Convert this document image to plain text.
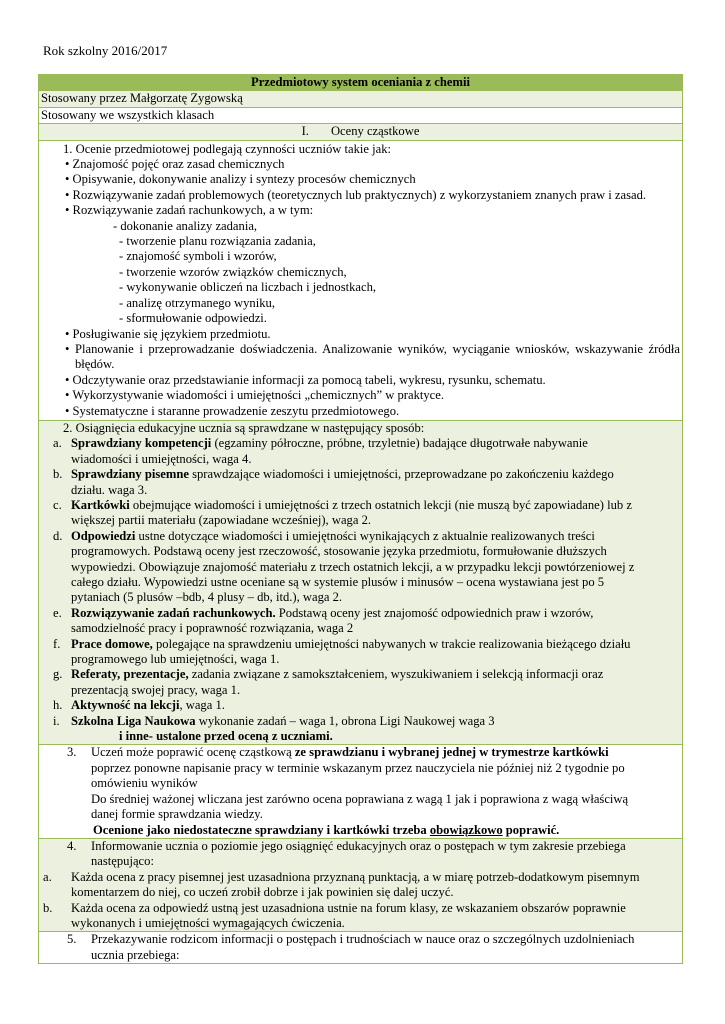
Rok szkolny 2016/2017
Przedmiotowy system oceniania z chemii
Stosowany przez Małgorzatę Zygowską
Stosowany we wszystkich klasach
I. Oceny cząstkowe

1. Ocenie przedmiotowej podlegają czynności uczniów takie jak:
• Znajomość pojęć oraz zasad chemicznych
• Opisywanie, dokonywanie analizy i syntezy procesów chemicznych
• Rozwiązywanie zadań problemowych (teoretycznych lub praktycznych) z wykorzystaniem znanych praw i zasad.
• Rozwiązywanie zadań rachunkowych, a w tym:
- dokonanie analizy zadania,
- tworzenie planu rozwiązania zadania,
- znajomość symboli i wzorów,
- tworzenie wzorów związków chemicznych,
- wykonywanie obliczeń na liczbach i jednostkach,
- analizę otrzymanego wyniku,
- sformułowanie odpowiedzi.
• Posługiwanie się językiem przedmiotu.
• Planowanie i przeprowadzanie doświadczenia. Analizowanie wyników, wyciąganie wniosków, wskazywanie źródła błędów.
• Odczytywanie oraz przedstawianie informacji za pomocą tabeli, wykresu, rysunku, schematu.
• Wykorzystywanie wiadomości i umiejętności „chemicznych” w praktyce.
• Systematyczne i staranne prowadzenie zeszytu przedmiotowego.

2. Osiągnięcia edukacyjne ucznia są sprawdzane w następujący sposób:
a. Sprawdziany kompetencji (egzaminy półroczne, próbne, trzyletnie) badające długotrwałe nabywanie
wiadomości i umiejętności, waga 4.
b. Sprawdziany pisemne sprawdzające wiadomości i umiejętności, przeprowadzane po zakończeniu każdego
działu. waga 3.
c. Kartkówki obejmujące wiadomości i umiejętności z trzech ostatnich lekcji (nie muszą być zapowiadane) lub z
większej partii materiału (zapowiadane wcześniej), waga 2.
d. Odpowiedzi ustne dotyczące wiadomości i umiejętności wynikających z aktualnie realizowanych treści
programowych. Podstawą oceny jest rzeczowość, stosowanie języka przedmiotu, formułowanie dłuższych
wypowiedzi. Obowiązuje znajomość materiału z trzech ostatnich lekcji, a w przypadku lekcji powtórzeniowej z
całego działu. Wypowiedzi ustne oceniane są w systemie plusów i minusów – ocena wystawiana jest po 5
pytaniach (5 plusów –bdb, 4 plusy – db, itd.), waga 2.
e. Rozwiązywanie zadań rachunkowych. Podstawą oceny jest znajomość odpowiednich praw i wzorów,
samodzielność pracy i poprawność rozwiązania, waga 2
f. Prace domowe, polegające na sprawdzeniu umiejętności nabywanych w trakcie realizowania bieżącego działu
programowego lub umiejętności, waga 1.
g. Referaty, prezentacje, zadania związane z samokształceniem, wyszukiwaniem i selekcją informacji oraz
prezentacją swojej pracy, waga 1.
h. Aktywność na lekcji, waga 1.
i. Szkolna Liga Naukowa wykonanie zadań – waga 1, obrona Ligi Naukowej waga 3
i inne- ustalone przed oceną z uczniami.

3. Uczeń może poprawić ocenę cząstkową ze sprawdzianu i wybranej jednej w trymestrze kartkówki
poprzez ponowne napisanie pracy w terminie wskazanym przez nauczyciela nie później niż 2 tygodnie po
omówieniu wyników
Do średniej ważonej wliczana jest zarówno ocena poprawiana z wagą 1 jak i poprawiona z wagą właściwą
danej formie sprawdzania wiedzy.
Ocenione jako niedostateczne sprawdziany i kartkówki trzeba obowiązkowo poprawić.

4. Informowanie ucznia o poziomie jego osiągnięć edukacyjnych oraz o postępach w tym zakresie przebiega
następująco:
a. Każda ocena z pracy pisemnej jest uzasadniona przyznaną punktacją, a w miarę potrzeb-dodatkowym pisemnym
komentarzem do niej, co uczeń zrobił dobrze i jak powinien się dalej uczyć.
b. Każda ocena za odpowiedź ustną jest uzasadniona ustnie na forum klasy, ze wskazaniem obszarów poprawnie
wykonanych i umiejętności wymagających ćwiczenia.

5. Przekazywanie rodzicom informacji o postępach i trudnościach w nauce oraz o szczególnych uzdolnieniach
ucznia przebiega:
